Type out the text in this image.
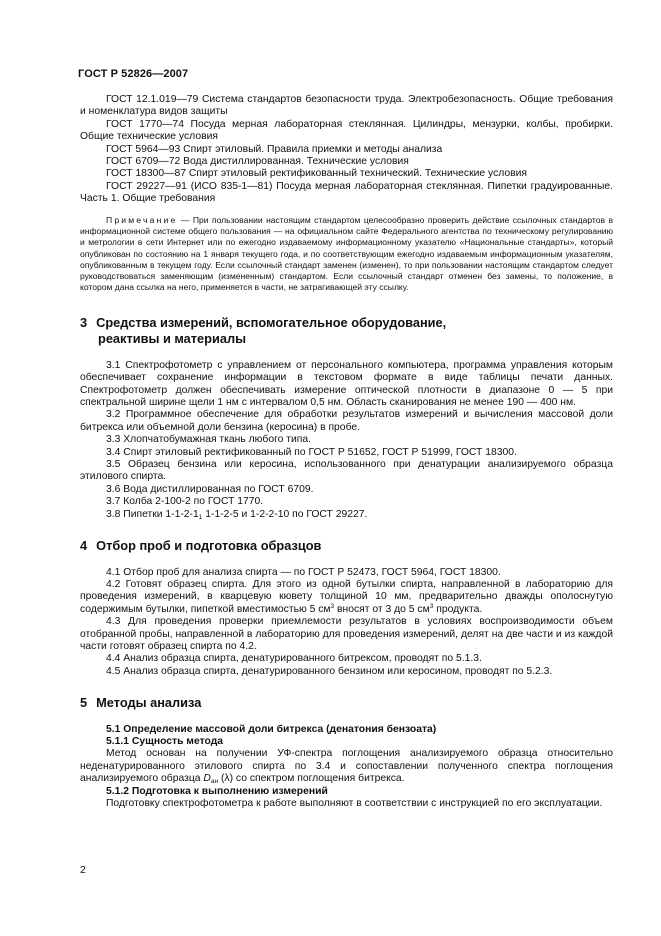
ГОСТ Р 52826—2007

ГОСТ 12.1.019—79 Система стандартов безопасности труда. Электробезопасность. Общие требования и номенклатура видов защиты

ГОСТ 1770—74 Посуда мерная лабораторная стеклянная. Цилиндры, мензурки, колбы, пробирки. Общие технические условия

ГОСТ 5964—93 Спирт этиловый. Правила приемки и методы анализа

ГОСТ 6709—72 Вода дистиллированная. Технические условия

ГОСТ 18300—87 Спирт этиловый ректификованный технический. Технические условия

ГОСТ 29227—91 (ИСО 835-1—81) Посуда мерная лабораторная стеклянная. Пипетки градуированные. Часть 1. Общие требования

Примечание — При пользовании настоящим стандартом целесообразно проверить действие ссылочных стандартов в информационной системе общего пользования — на официальном сайте Федерального агентства по техническому регулированию и метрологии в сети Интернет или по ежегодно издаваемому информационному указателю «Национальные стандарты», который опубликован по состоянию на 1 января текущего года, и по соответствующим ежегодно издаваемым информационным указателям, опубликованным в текущем году. Если ссылочный стандарт заменен (изменен), то при пользовании настоящим стандартом следует руководствоваться заменяющим (измененным) стандартом. Если ссылочный стандарт отменен без замены, то положение, в котором дана ссылка на него, применяется в части, не затрагивающей эту ссылку.

3 Средства измерений, вспомогательное оборудование,
реактивы и материалы

3.1 Спектрофотометр с управлением от персонального компьютера, программа управления которым обеспечивает сохранение информации в текстовом формате в виде таблицы печати данных. Спектрофотометр должен обеспечивать измерение оптической плотности в диапазоне 0 — 5 при спектральной ширине щели 1 нм с интервалом 0,5 нм. Область сканирования не менее 190 — 400 нм.

3.2 Программное обеспечение для обработки результатов измерений и вычисления массовой доли битрекса или объемной доли бензина (керосина) в пробе.

3.3 Хлопчатобумажная ткань любого типа.

3.4 Спирт этиловый ректификованный по ГОСТ Р 51652, ГОСТ Р 51999, ГОСТ 18300.

3.5 Образец бензина или керосина, использованного при денатурации анализируемого образца этилового спирта.

3.6 Вода дистиллированная по ГОСТ 6709.

3.7 Колба 2-100-2 по ГОСТ 1770.

3.8 Пипетки $1-1-2-1_1$ 1-1-2-5 и 1-2-2-10 по ГОСТ 29227.

4 Отбор проб и подготовка образцов

4.1 Отбор проб для анализа спирта — по ГОСТ Р 52473, ГОСТ 5964, ГОСТ 18300.

4.2 Готовят образец спирта. Для этого из одной бутылки спирта, направленной в лабораторию для проведения измерений, в кварцевую кювету толщиной 10 мм, предварительно дважды ополоснутую содержимым бутылки, пипеткой вместимостью 5 $см^3$ вносят от 3 до 5 $см^3$ продукта.

4.3 Для проведения проверки приемлемости результатов в условиях воспроизводимости объем отобранной пробы, направленной в лабораторию для проведения измерений, делят на две части и из каждой части готовят образец спирта по 4.2.

4.4 Анализ образца спирта, денатурированного битрексом, проводят по 5.1.3.

4.5 Анализ образца спирта, денатурированного бензином или керосином, проводят по 5.2.3.

5 Методы анализа
5.1 Определение массовой доли битрекса (денатония бензоата)
5.1.1 Сущность метода

Метод основан на получении УФ-спектра поглощения анализируемого образца относительно неденатурированного этилового спирта по 3.4 и сопоставлении полученного спектра поглощения анализируемого образца $D_{ан}$ (λ) со спектром поглощения битрекса.

5.1.2 Подготовка к выполнению измерений

Подготовку спектрофотометра к работе выполняют в соответствии с инструкцией по его эксплуатации.

2
